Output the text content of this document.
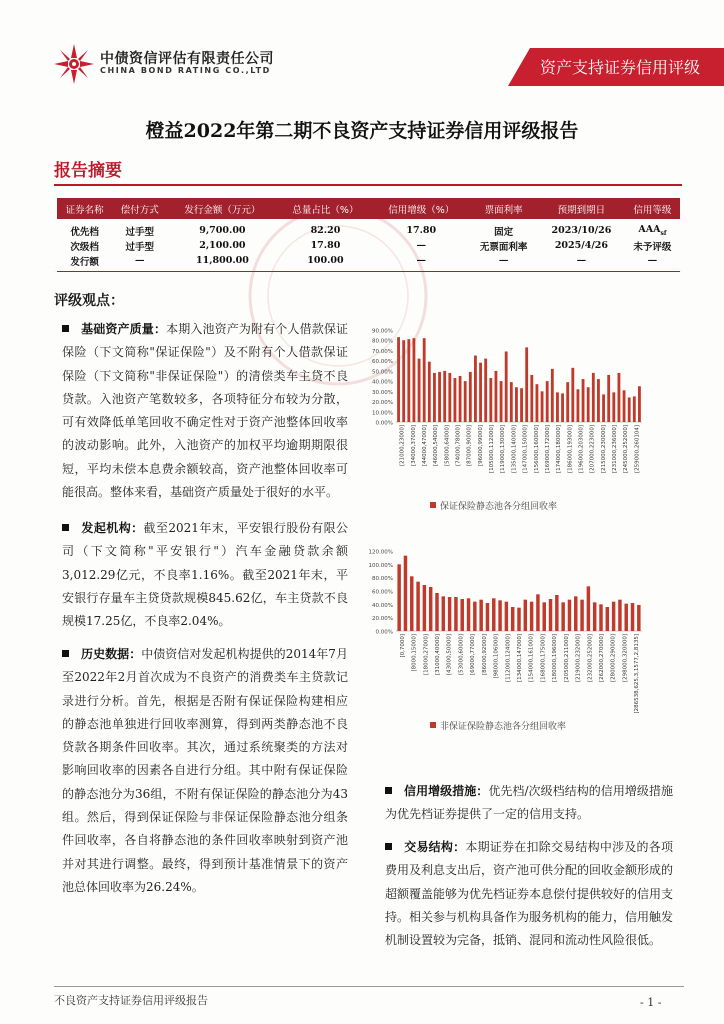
中债资信评估有限责任公司
CHINA BOND RATING CO.,LTD	资产支持证券信用评级
橙益2022年第二期不良资产支持证券信用评级报告
报告摘要
证券名称	偿付方式	发行金额（万元）	总量占比（%）	信用增级（%）	票面利率	预期到期日	信用等级
优先档	过手型	9,700.00	82.20	17.80	固定	2023/10/26	$AAA_{sf}$
次级档	过手型	2,100.00	17.80	—	无票面利率	2025/4/26	未予评级
发行额	—	11,800.00	100.00	—	—	—	—
评级观点：

基础资产质量：本期入池资产为附有个人借款保证保险（下文简称"保证保险"）及不附有个人借款保证保险（下文简称"非保证保险"）的清偿类车主贷不良贷款。入池资产笔数较多，各项特征分布较为分散，可有效降低单笔回收不确定性对于资产池整体回收率的波动影响。此外，入池资产的加权平均逾期期限很短，平均未偿本息费余额较高，资产池整体回收率可能很高。整体来看，基础资产质量处于很好的水平。

发起机构：截至2021年末，平安银行股份有限公司（下文简称"平安银行"）汽车金融贷款余额3,012.29亿元，不良率1.16%。截至2021年末，平安银行存量车主贷贷款规模845.62亿，车主贷款不良规模17.25亿，不良率2.04%。

历史数据：中债资信对发起机构提供的2014年7月至2022年2月首次成为不良资产的消费类车主贷款记录进行分析。首先，根据是否附有保证保险构建相应的静态池单独进行回收率测算，得到两类静态池不良贷款各期条件回收率。其次，通过系统聚类的方法对影响回收率的因素各自进行分组。其中附有保证保险的静态池分为36组，不附有保证保险的静态池分为43组。然后，得到保证保险与非保证保险静态池分组条件回收率，各自将静态池的条件回收率映射到资产池并对其进行调整。最终，得到预计基准情景下的资产池总体回收率为26.24%。

信用增级措施：优先档/次级档结构的信用增级措施为优先档证券提供了一定的信用支持。

交易结构：本期证券在扣除交易结构中涉及的各项费用及利息支出后，资产池可供分配的回收金额形成的超额覆盖能够为优先档证券本息偿付提供较好的信用支持。相关参与机构具备作为服务机构的能力，信用触发机制设置较为完备，抵销、混同和流动性风险很低。

0.00%
10.00%
20.00%
30.00%
40.00%
50.00%
60.00%
70.00%
80.00%
90.00%
[21000,23000] [34000,37000] [44000,47000] [46000,54000] [58000,64000] [74000,78000] [87000,90000] [96000,99000] [105000,112000] [119000,130000] [135000,140000] [147000,150000] [156000,160000] [169000,172000] [174000,180000] [186000,193000] [196000,203000] [207000,223000] [215000,230000] [231000,236000] [245000,252000] [259000,260104]
保证保险静态池各分组回收率
0.00%
20.00%
40.00%
60.00%
80.00%
100.00%
120.00%
[0,7000] [8000,15000] [18000,27000] [31000,40000] [43000,50000] [53000,60000] [69000,77000] [86000,92000] [98000,106000] [112000,124000] [134000,147000] [154000,161000] [168000,175000] [180000,196000] [205000,211000] [219000,232000] [232000,252000] [262000,270000] [280000,290000] [298000,320000] [286538,625,3,1577,2,8135]
非保证保险静态池各分组回收率
不良资产支持证券信用评级报告	- 1 -
